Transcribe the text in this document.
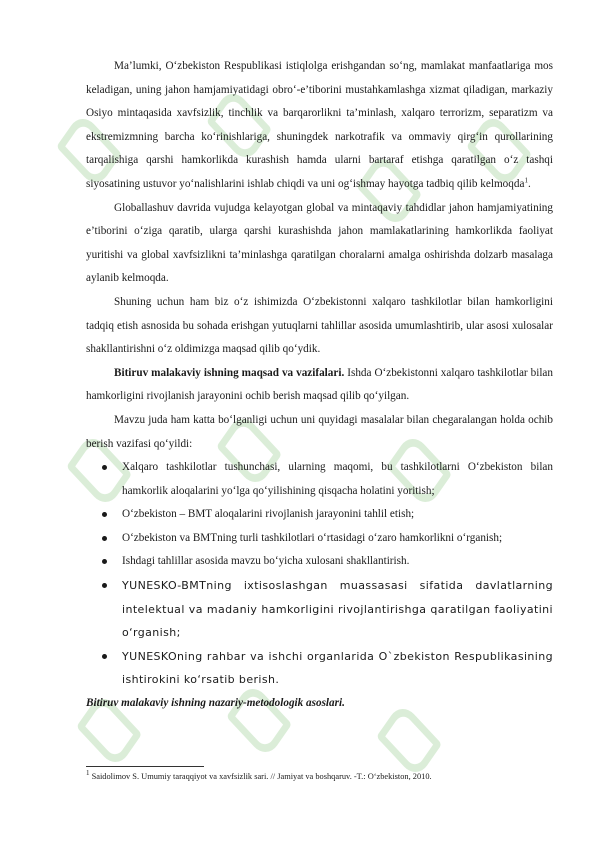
Ma’lumki, O‘zbekiston Respublikasi istiqlolga erishgandan so‘ng, mamlakat manfaatlariga mos keladigan, uning jahon hamjamiyatidagi obro‘-e’tiborini mustahkamlashga xizmat qiladigan, markaziy Osiyo mintaqasida xavfsizlik, tinchlik va barqarorlikni ta’minlash, xalqaro terrorizm, separatizm va ekstremizmning barcha ko‘rinishlariga, shuningdek narkotrafik va ommaviy qirg‘in qurollarining tarqalishiga qarshi hamkorlikda kurashish hamda ularni bartaraf etishga qaratilgan o‘z tashqi siyosatining ustuvor yo‘nalishlarini ishlab chiqdi va uni og‘ishmay hayotga tadbiq qilib kelmoqda$^1$.

Globallashuv davrida vujudga kelayotgan global va mintaqaviy tahdidlar jahon hamjamiyatining e’tiborini o‘ziga qaratib, ularga qarshi kurashishda jahon mamlakatlarining hamkorlikda faoliyat yuritishi va global xavfsizlikni ta’minlashga qaratilgan choralarni amalga oshirishda dolzarb masalaga aylanib kelmoqda.

Shuning uchun ham biz o‘z ishimizda O‘zbekistonni xalqaro tashkilotlar bilan hamkorligini tadqiq etish asnosida bu sohada erishgan yutuqlarni tahlillar asosida umumlashtirib, ular asosi xulosalar shakllantirishni o‘z oldimizga maqsad qilib qo‘ydik.

Bitiruv malakaviy ishning maqsad va vazifalari. Ishda O‘zbekistonni xalqaro tashkilotlar bilan hamkorligini rivojlanish jarayonini ochib berish maqsad qilib qo‘yilgan.

Mavzu juda ham katta bo‘lganligi uchun uni quyidagi masalalar bilan chegaralangan holda ochib berish vazifasi qo‘yildi:

Xalqaro tashkilotlar tushunchasi, ularning maqomi, bu tashkilotlarni O‘zbekiston bilan hamkorlik aloqalarini yo‘lga qo‘yilishining qisqacha holatini yoritish;
O‘zbekiston – BMT aloqalarini rivojlanish jarayonini tahlil etish;
O‘zbekiston va BMTning turli tashkilotlari o‘rtasidagi o‘zaro hamkorlikni o‘rganish;
Ishdagi tahlillar asosida mavzu bo‘yicha xulosani shakllantirish.
YUNESKO-BMTning ixtisoslashgan muassasasi sifatida davlatlarning intelektual va madaniy hamkorligini rivojlantirishga qaratilgan faoliyatini o‘rganish;
YUNESKOning rahbar va ishchi organlarida O`zbekiston Respublikasining ishtirokini ko‘rsatib berish.

Bitiruv malakaviy ishning nazariy-metodologik asoslari.

$^1$ Saidolimov S. Umumiy taraqqiyot va xavfsizlik sari. // Jamiyat va boshqaruv. -T.: O‘zbekiston, 2010.
